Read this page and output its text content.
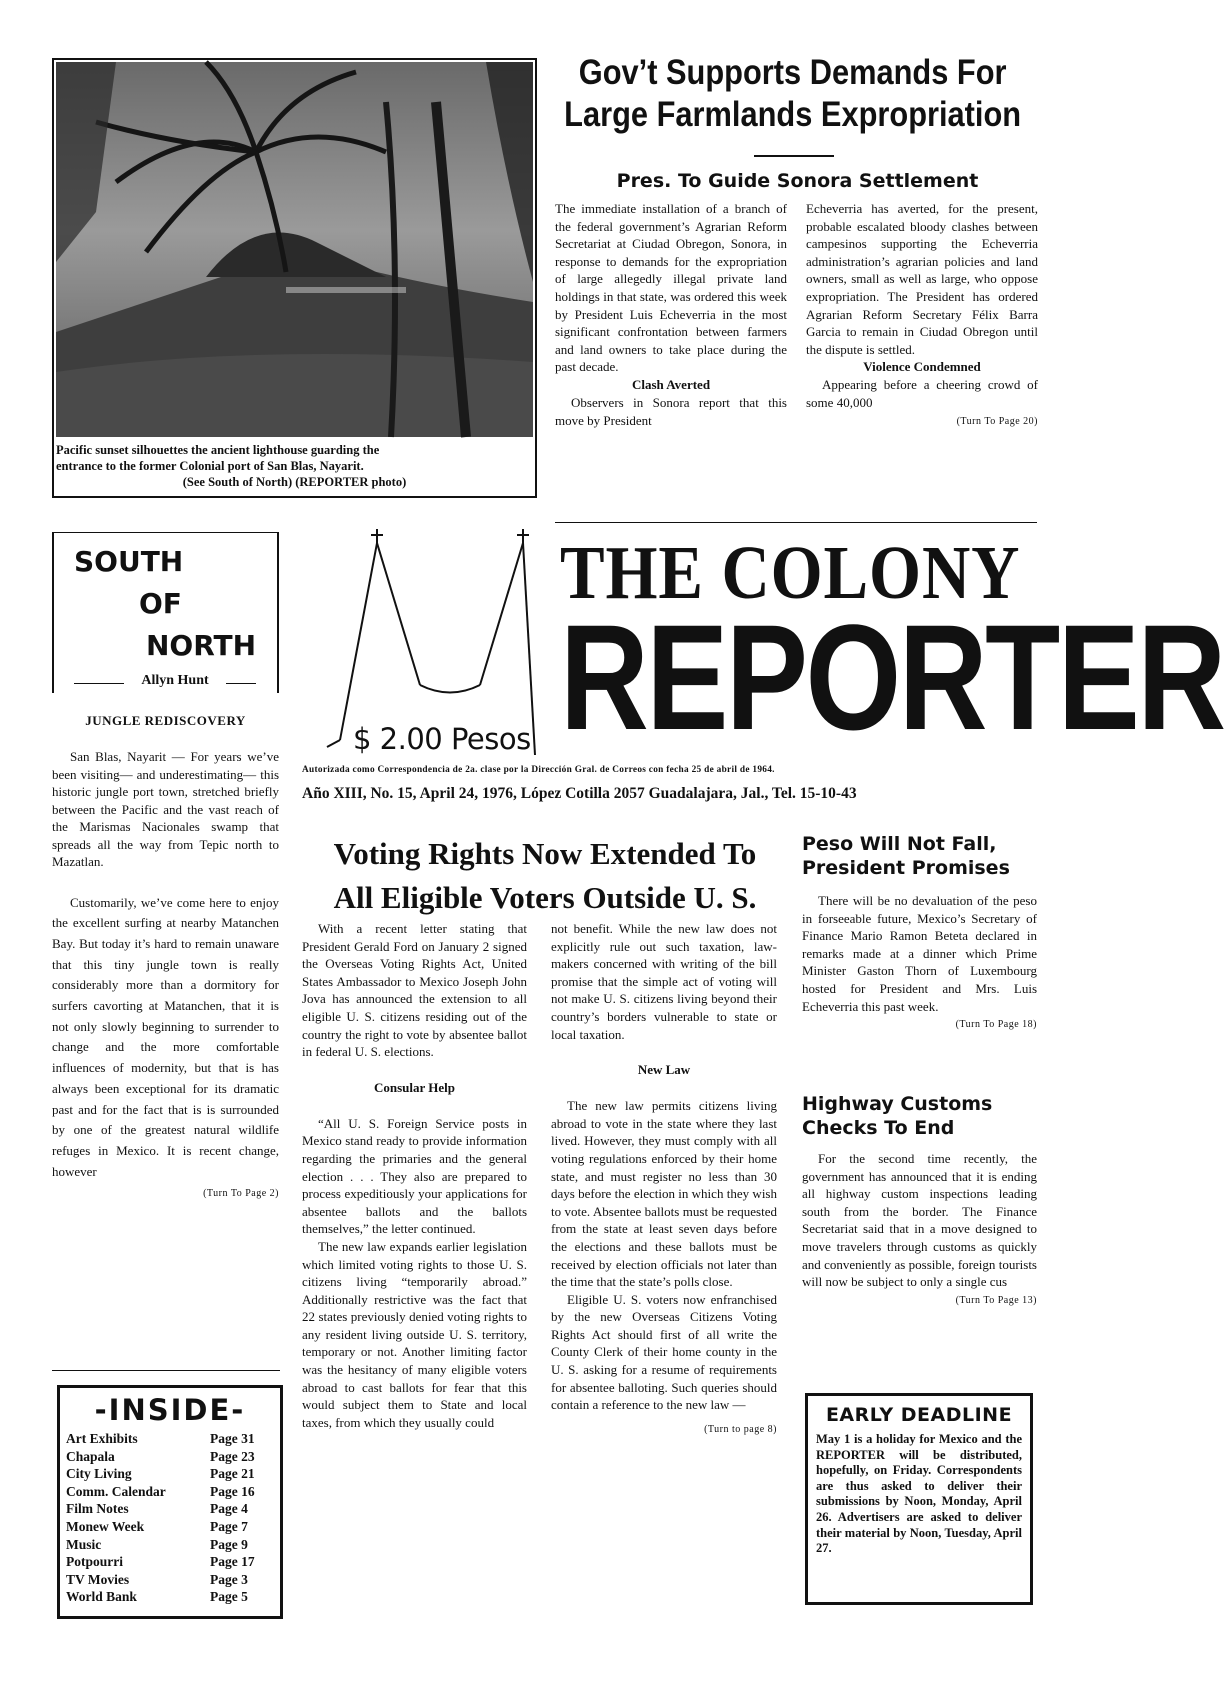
Pacific sunset silhouettes the ancient lighthouse guarding the
entrance to the former Colonial port of San Blas, Nayarit.
(See South of North) (REPORTER photo)
Gov’t Supports Demands For
Large Farmlands Expropriation
Pres. To Guide Sonora Settlement
The immediate installation of a branch of the federal government’s Agrarian Reform Secretariat at Ciudad Obregon, Sonora, in response to demands for the expropriation of large allegedly illegal private land holdings in that state, was ordered this week by President Luis Echeverria in the most significant confrontation between farmers and land owners to take place during the past decade.
Clash Averted
Observers in Sonora report that this move by President
Echeverria has averted, for the present, probable escalated bloody clashes between campesinos supporting the Echeverria administration’s agrarian policies and land owners, small as well as large, who oppose expropriation. The President has ordered Agrarian Reform Secretary Félix Barra Garcia to remain in Ciudad Obregon until the dispute is settled.
Violence Condemned
Appearing before a cheering crowd of some 40,000
(Turn To Page 20)
SOUTH
OF
NORTH
Allyn Hunt
JUNGLE REDISCOVERY
San Blas, Nayarit — For years we’ve been visiting— and underestimating— this historic jungle port town, stretched briefly between the Pacific and the vast reach of the Marismas Nacionales swamp that spreads all the way from Tepic north to Mazatlan.
Customarily, we’ve come here to enjoy the excellent surfing at nearby Matanchen Bay. But today it’s hard to remain unaware that this tiny jungle town is really considerably more than a dormitory for surfers cavorting at Matanchen, that it is not only slowly beginning to surrender to change and the more comfortable influences of modernity, but that is has always been exceptional for its dramatic past and for the fact that is is surrounded by one of the greatest natural wildlife refuges in Mexico. It is recent change, however
(Turn To Page 2)
-INSIDE-
Art Exhibits	Page 31
Chapala	Page 23
City Living	Page 21
Comm. Calendar	Page 16
Film Notes	Page 4
Monew Week	Page 7
Music	Page 9
Potpourri	Page 17
TV Movies	Page 3
World Bank	Page 5
$ 2.00 Pesos
THE COLONY
REPORTER
Autorizada como Correspondencia de 2a. clase por la Dirección Gral. de Correos con fecha 25 de abril de 1964.
Año XIII, No. 15, April 24, 1976, López Cotilla 2057 Guadalajara, Jal., Tel. 15-10-43
Voting Rights Now Extended To
All Eligible Voters Outside U. S.
With a recent letter stating that President Gerald Ford on January 2 signed the Overseas Voting Rights Act, United States Ambassador to Mexico Joseph John Jova has announced the extension to all eligible U. S. citizens residing out of the country the right to vote by absentee ballot in federal U. S. elections.
Consular Help
“All U. S. Foreign Service posts in Mexico stand ready to provide information regarding the primaries and the general election . . . They also are prepared to process expeditiously your applications for absentee ballots and the ballots themselves,” the letter continued.
The new law expands earlier legislation which limited voting rights to those U. S. citizens living “temporarily abroad.” Additionally restrictive was the fact that 22 states previously denied voting rights to any resident living outside U. S. territory, temporary or not. Another limiting factor was the hesitancy of many eligible voters abroad to cast ballots for fear that this would subject them to State and local taxes, from which they usually could
not benefit. While the new law does not explicitly rule out such taxation, law-makers concerned with writing of the bill promise that the simple act of voting will not make U. S. citizens living beyond their country’s borders vulnerable to state or local taxation.
New Law
The new law permits citizens living abroad to vote in the state where they last lived. However, they must comply with all voting regulations enforced by their home state, and must register no less than 30 days before the election in which they wish to vote. Absentee ballots must be requested from the state at least seven days before the elections and these ballots must be received by election officials not later than the time that the state’s polls close.
Eligible U. S. voters now enfranchised by the new Overseas Citizens Voting Rights Act should first of all write the County Clerk of their home county in the U. S. asking for a resume of requirements for absentee balloting. Such queries should contain a reference to the new law —
(Turn to page 8)
Peso Will Not Fall,
President Promises
There will be no devaluation of the peso in forseeable future, Mexico’s Secretary of Finance Mario Ramon Beteta declared in remarks made at a dinner which Prime Minister Gaston Thorn of Luxembourg hosted for President and Mrs. Luis Echeverria this past week.
(Turn To Page 18)
Highway Customs
Checks To End
For the second time recently, the government has announced that it is ending all highway custom inspections leading south from the border. The Finance Secretariat said that in a move designed to move travelers through customs as quickly and conveniently as possible, foreign tourists will now be subject to only a single cus
(Turn To Page 13)
EARLY DEADLINE
May 1 is a holiday for Mexico and the REPORTER will be distributed, hopefully, on Friday. Correspondents are thus asked to deliver their submissions by Noon, Monday, April 26. Advertisers are asked to deliver their material by Noon, Tuesday, April 27.
